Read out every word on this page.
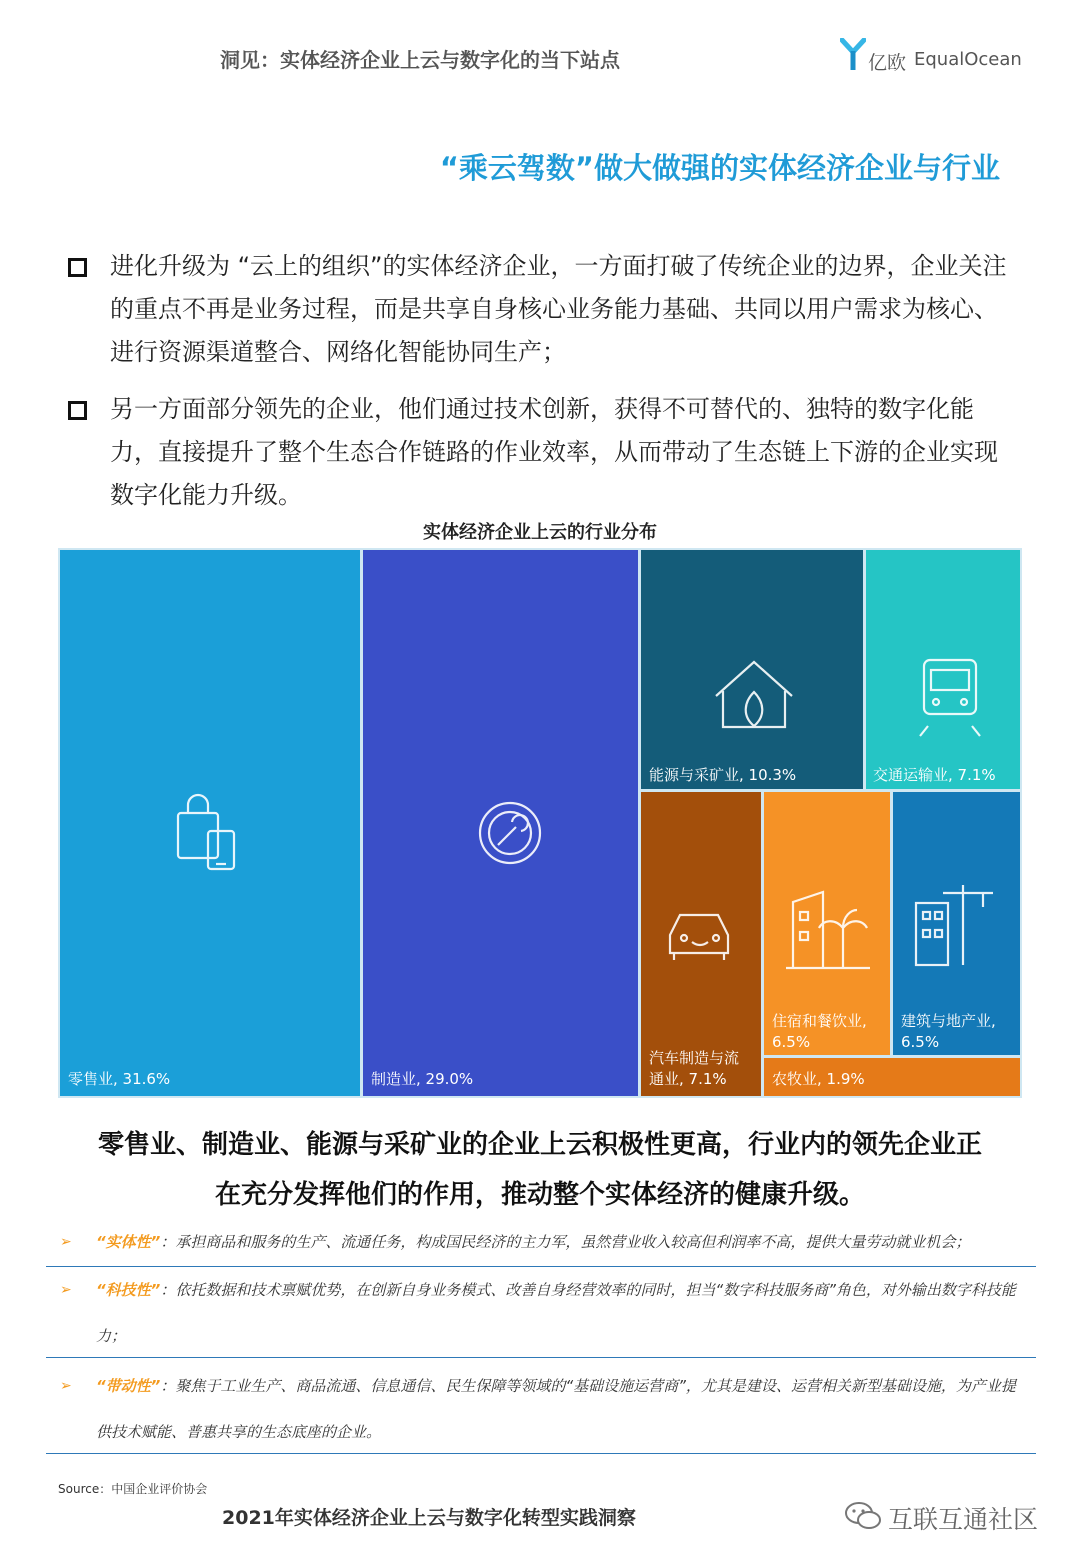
洞见：实体经济企业上云与数字化的当下站点	亿欧 EqualOcean
“乘云驾数”做大做强的实体经济企业与行业
进化升级为 “云上的组织”的实体经济企业，一方面打破了传统企业的边界，企业关注的重点不再是业务过程，而是共享自身核心业务能力基础、共同以用户需求为核心、进行资源渠道整合、网络化智能协同生产；
另一方面部分领先的企业，他们通过技术创新，获得不可替代的、独特的数字化能力，直接提升了整个生态合作链路的作业效率，从而带动了生态链上下游的企业实现数字化能力升级。
实体经济企业上云的行业分布
零售业, 31.6%	制造业, 29.0%
能源与采矿业, 10.3%	交通运输业, 7.1%
汽车制造与流通业, 7.1%
住宿和餐饮业, 6.5%
建筑与地产业, 6.5%
农牧业, 1.9%
零售业、制造业、能源与采矿业的企业上云积极性更高，行业内的领先企业正
在充分发挥他们的作用，推动整个实体经济的健康升级。
➢ “实体性”：承担商品和服务的生产、流通任务，构成国民经济的主力军，虽然营业收入较高但利润率不高，提供大量劳动就业机会；
➢ “科技性”：依托数据和技术禀赋优势，在创新自身业务模式、改善自身经营效率的同时，担当“数字科技服务商”角色，对外输出数字科技能力；
➢ “带动性”：聚焦于工业生产、商品流通、信息通信、民生保障等领域的“基础设施运营商”，尤其是建设、运营相关新型基础设施，为产业提供技术赋能、普惠共享的生态底座的企业。
Source：中国企业评价协会
2021年实体经济企业上云与数字化转型实践洞察	互联互通社区
